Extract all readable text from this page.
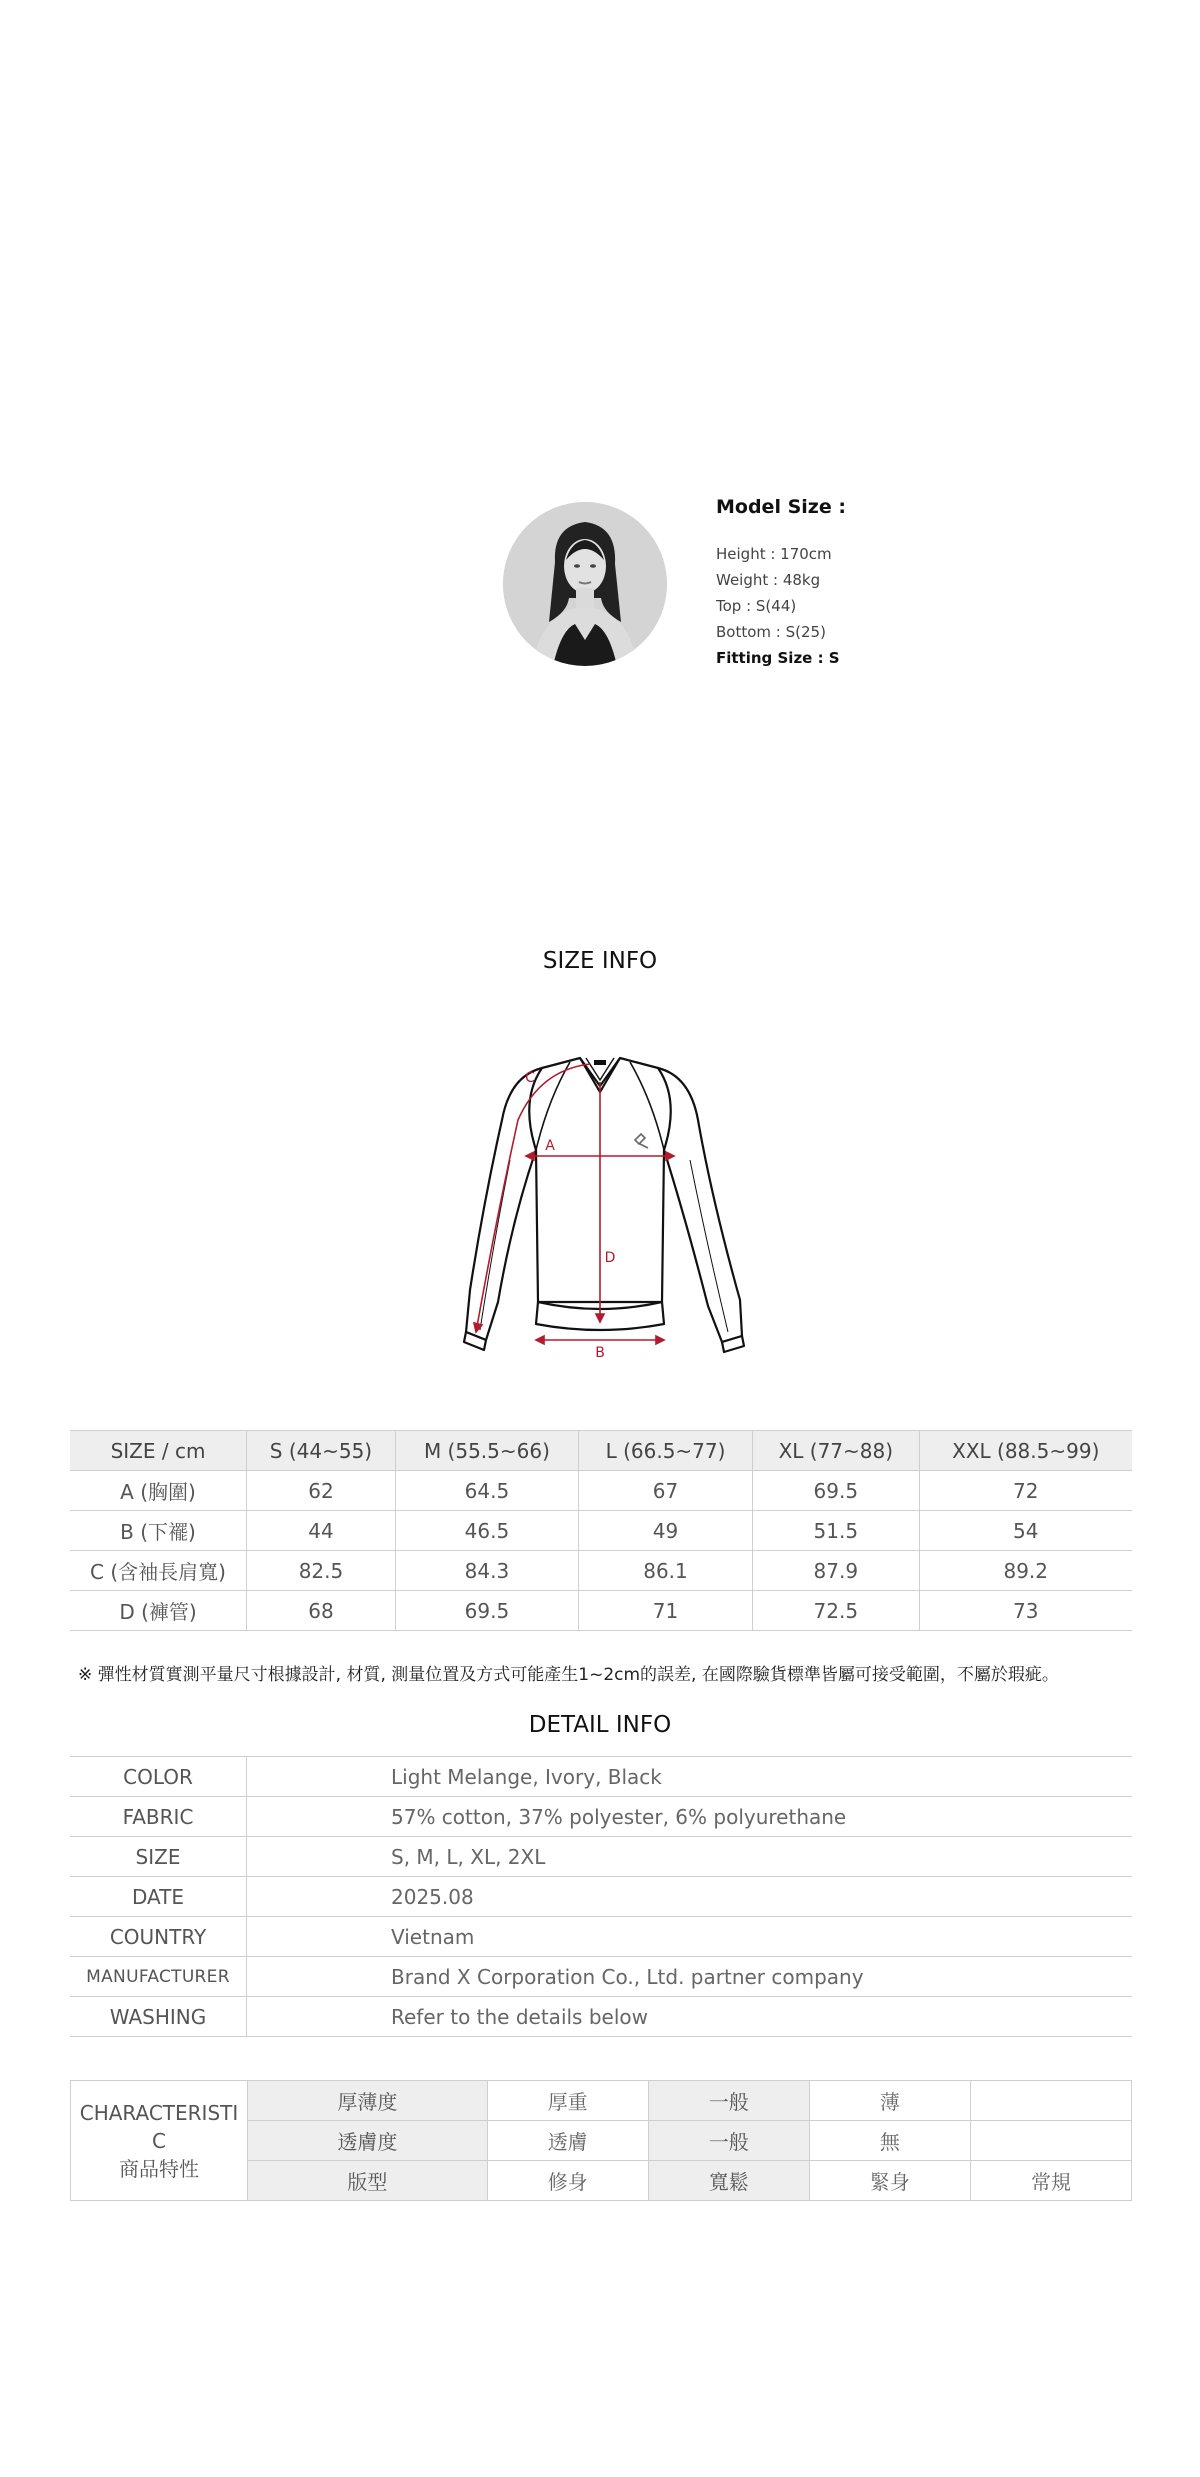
Model Size :
Height : 170cm
Weight : 48kg
Top : S(44)
Bottom : S(25)
Fitting Size : S
SIZE INFO
A
B
C
D
SIZE / cm	S (44~55)	M (55.5~66)	L (66.5~77)	XL (77~88)	XXL (88.5~99)
A (胸圍)	62	64.5	67	69.5	72
B (下襬)	44	46.5	49	51.5	54
C (含袖長肩寬)	82.5	84.3	86.1	87.9	89.2
D (褲管)	68	69.5	71	72.5	73
※ 彈性材質實測平量尺寸根據設計, 材質, 測量位置及方式可能產生1~2cm的誤差, 在國際驗貨標準皆屬可接受範圍，不屬於瑕疵。
DETAIL INFO
COLOR	Light Melange, Ivory, Black
FABRIC	57% cotton, 37% polyester, 6% polyurethane
SIZE	S, M, L, XL, 2XL
DATE	2025.08
COUNTRY	Vietnam
MANUFACTURER	Brand X Corporation Co., Ltd. partner company
WASHING	Refer to the details below
CHARACTERISTI
C
商品特性	厚薄度	厚重	一般	薄	
	透膚度	透膚	一般	無	
	版型	修身	寬鬆	緊身	常規
